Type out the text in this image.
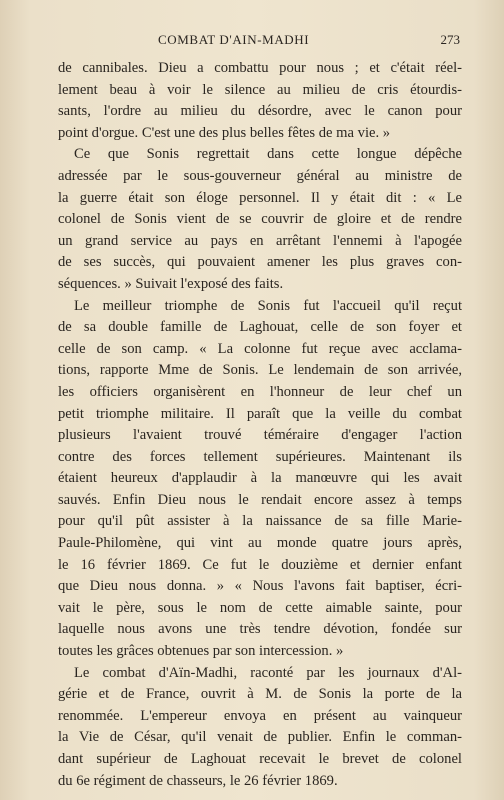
COMBAT D'AIN-MADHI	273
de cannibales. Dieu a combattu pour nous ; et c'était réel-
lement beau à voir le silence au milieu de cris étourdis-
sants, l'ordre au milieu du désordre, avec le canon pour
point d'orgue. C'est une des plus belles fêtes de ma vie. »
Ce que Sonis regrettait dans cette longue dépêche
adressée par le sous-gouverneur général au ministre de
la guerre était son éloge personnel. Il y était dit : « Le
colonel de Sonis vient de se couvrir de gloire et de rendre
un grand service au pays en arrêtant l'ennemi à l'apogée
de ses succès, qui pouvaient amener les plus graves con-
séquences. » Suivait l'exposé des faits.
Le meilleur triomphe de Sonis fut l'accueil qu'il reçut
de sa double famille de Laghouat, celle de son foyer et
celle de son camp. « La colonne fut reçue avec acclama-
tions, rapporte Mme de Sonis. Le lendemain de son arrivée,
les officiers organisèrent en l'honneur de leur chef un
petit triomphe militaire. Il paraît que la veille du combat
plusieurs l'avaient trouvé téméraire d'engager l'action
contre des forces tellement supérieures. Maintenant ils
étaient heureux d'applaudir à la manœuvre qui les avait
sauvés. Enfin Dieu nous le rendait encore assez à temps
pour qu'il pût assister à la naissance de sa fille Marie-
Paule-Philomène, qui vint au monde quatre jours après,
le 16 février 1869. Ce fut le douzième et dernier enfant
que Dieu nous donna. » « Nous l'avons fait baptiser, écri-
vait le père, sous le nom de cette aimable sainte, pour
laquelle nous avons une très tendre dévotion, fondée sur
toutes les grâces obtenues par son intercession. »
Le combat d'Aïn-Madhi, raconté par les journaux d'Al-
gérie et de France, ouvrit à M. de Sonis la porte de la
renommée. L'empereur envoya en présent au vainqueur
la Vie de César, qu'il venait de publier. Enfin le comman-
dant supérieur de Laghouat recevait le brevet de colonel
du 6e régiment de chasseurs, le 26 février 1869.
